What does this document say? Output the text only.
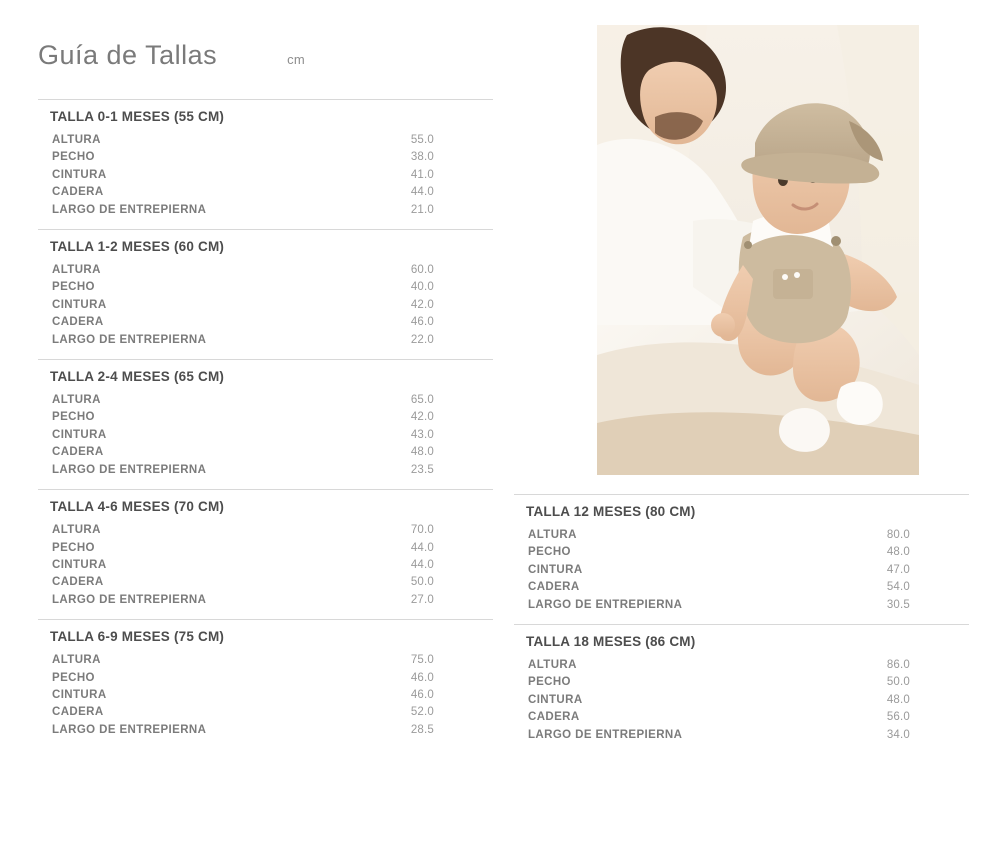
Guía de Tallas	cm
TALLA 0-1 MESES (55 CM)
ALTURA	55.0
PECHO	38.0
CINTURA	41.0
CADERA	44.0
LARGO DE ENTREPIERNA	21.0
TALLA 1-2 MESES (60 CM)
ALTURA	60.0
PECHO	40.0
CINTURA	42.0
CADERA	46.0
LARGO DE ENTREPIERNA	22.0
TALLA 2-4 MESES (65 CM)
ALTURA	65.0
PECHO	42.0
CINTURA	43.0
CADERA	48.0
LARGO DE ENTREPIERNA	23.5
TALLA 4-6 MESES (70 CM)
ALTURA	70.0
PECHO	44.0
CINTURA	44.0
CADERA	50.0
LARGO DE ENTREPIERNA	27.0
TALLA 6-9 MESES (75 CM)
ALTURA	75.0
PECHO	46.0
CINTURA	46.0
CADERA	52.0
LARGO DE ENTREPIERNA	28.5
TALLA 12 MESES (80 CM)
ALTURA	80.0
PECHO	48.0
CINTURA	47.0
CADERA	54.0
LARGO DE ENTREPIERNA	30.5
TALLA 18 MESES (86 CM)
ALTURA	86.0
PECHO	50.0
CINTURA	48.0
CADERA	56.0
LARGO DE ENTREPIERNA	34.0
